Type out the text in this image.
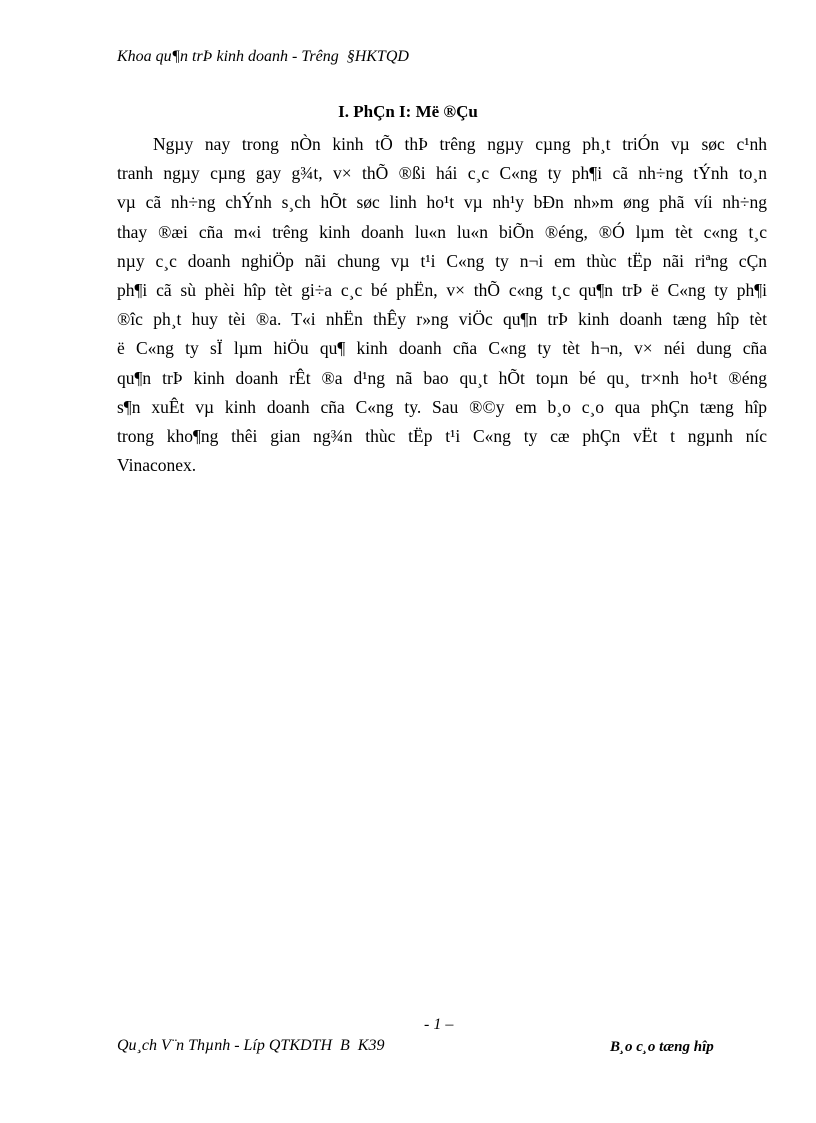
Khoa qu¶n trÞ kinh doanh - Trêng  §HKTQD
I. PhÇn I: Më ®Çu
Ngµy nay trong nÒn kinh tÕ thÞ trêng ngµy cµng ph¸t triÓn vµ søc c¹nh
tranh ngµy cµng gay g¾t, v× thÕ ®ßi hái c¸c C«ng ty ph¶i cã nh÷ng tÝnh to¸n
vµ cã nh÷ng chÝnh s¸ch hÕt søc linh ho¹t vµ nh¹y bÐn nh»m øng phã víi nh÷ng
thay ®æi cña m«i trêng kinh doanh lu«n lu«n biÕn ®éng, ®Ó lµm tèt c«ng t¸c
nµy c¸c doanh nghiÖp nãi chung vµ t¹i C«ng ty n¬i em thùc tËp nãi riªng cÇn
ph¶i cã sù phèi hîp tèt gi÷a c¸c bé phËn, v× thÕ c«ng t¸c qu¶n trÞ ë C«ng ty ph¶i
®îc ph¸t huy tèi ®a. T«i nhËn thÊy r»ng viÖc qu¶n trÞ kinh doanh tæng hîp tèt
ë C«ng ty sÏ lµm hiÖu qu¶ kinh doanh cña C«ng ty tèt h¬n, v× néi dung cña
qu¶n trÞ kinh doanh rÊt ®a d¹ng nã bao qu¸t hÕt toµn bé qu¸ tr×nh ho¹t ®éng
s¶n xuÊt vµ kinh doanh cña C«ng ty. Sau ®©y em b¸o c¸o qua phÇn tæng hîp
trong kho¶ng thêi gian ng¾n thùc tËp t¹i C«ng ty cæ phÇn vËt t ngµnh níc
Vinaconex.
- 1 –
Qu¸ch V¨n Thµnh - Líp QTKDTH  B  K39	B¸o c¸o tæng hîp
